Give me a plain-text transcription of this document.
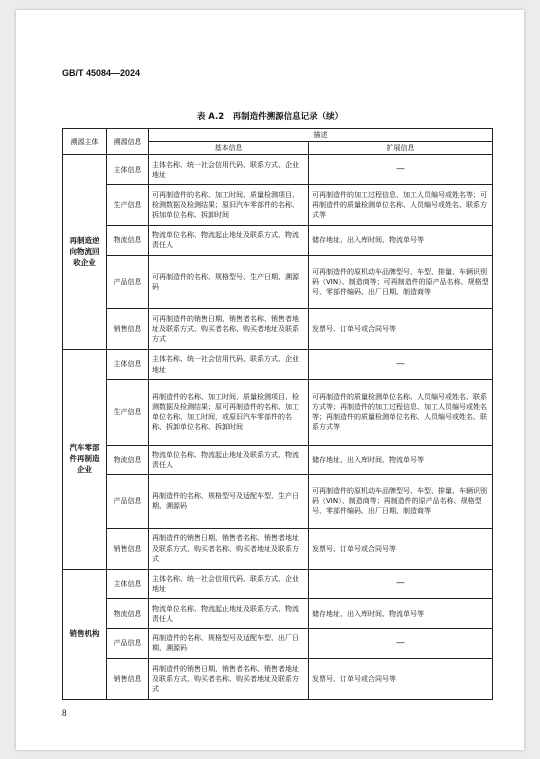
GB/T 45084—2024
表 A.2　再制造件溯源信息记录（续）
溯源主体	溯源信息	描述	
		基本信息	扩展信息
再制造逆向物流回收企业	主体信息	主体名称、统一社会信用代码、联系方式、企业地址	—
	生产信息	可再制造件的名称、加工时间、质量检测项目、检测数据及检测结果；原旧汽车零部件的名称、拆加单位名称、拆卸时间	可再制造件的加工过程信息、加工人员编号或姓名等；可再制造件的质量检测单位名称、人员编号或姓名、联系方式等
	物流信息	物流单位名称、物流起止地址及联系方式、物流责任人	储存地址、出入库时间、物流单号等
	产品信息	可再制造件的名称、规格型号、生产日期、溯源码	可再制造件的原机动车品牌型号、车型、排量、车辆识别码（VIN）、制造商等；可再制造件的原产品名称、规格型号、零部件编码、出厂日期、制造商等
	销售信息	可再制造件的销售日期、销售者名称、销售者地址及联系方式、购买者名称、购买者地址及联系方式	发票号、订单号或合同号等
汽车零部件再制造企业	主体信息	主体名称、统一社会信用代码、联系方式、企业地址	—
	生产信息	再制造件的名称、加工时间、质量检测项目、检测数据及检测结果；原可再制造件的名称、加工单位名称、加工时间，或原旧汽车零部件的名称、拆卸单位名称、拆卸时间	可再制造件的质量检测单位名称、人员编号或姓名、联系方式等；再制造件的加工过程信息、加工人员编号或姓名等；再制造件的质量检测单位名称、人员编号或姓名、联系方式等
	物流信息	物流单位名称、物流起止地址及联系方式、物流责任人	储存地址、出入库时间、物流单号等
	产品信息	再制造件的名称、规格型号及适配车型、生产日期、溯源码	可再制造件的原机动车品牌型号、车型、排量、车辆识别码（VIN）、制造商等；再制造件的原产品名称、规格型号、零部件编码、出厂日期、制造商等
	销售信息	再制造件的销售日期、销售者名称、销售者地址及联系方式、购买者名称、购买者地址及联系方式	发票号、订单号或合同号等
销售机构	主体信息	主体名称、统一社会信用代码、联系方式、企业地址	—
	物流信息	物流单位名称、物流起止地址及联系方式、物流责任人	储存地址、出入库时间、物流单号等
	产品信息	再制造件的名称、规格型号及适配车型、出厂日期、溯源码	—
	销售信息	再制造件的销售日期、销售者名称、销售者地址及联系方式、购买者名称、购买者地址及联系方式	发票号、订单号或合同号等
8
